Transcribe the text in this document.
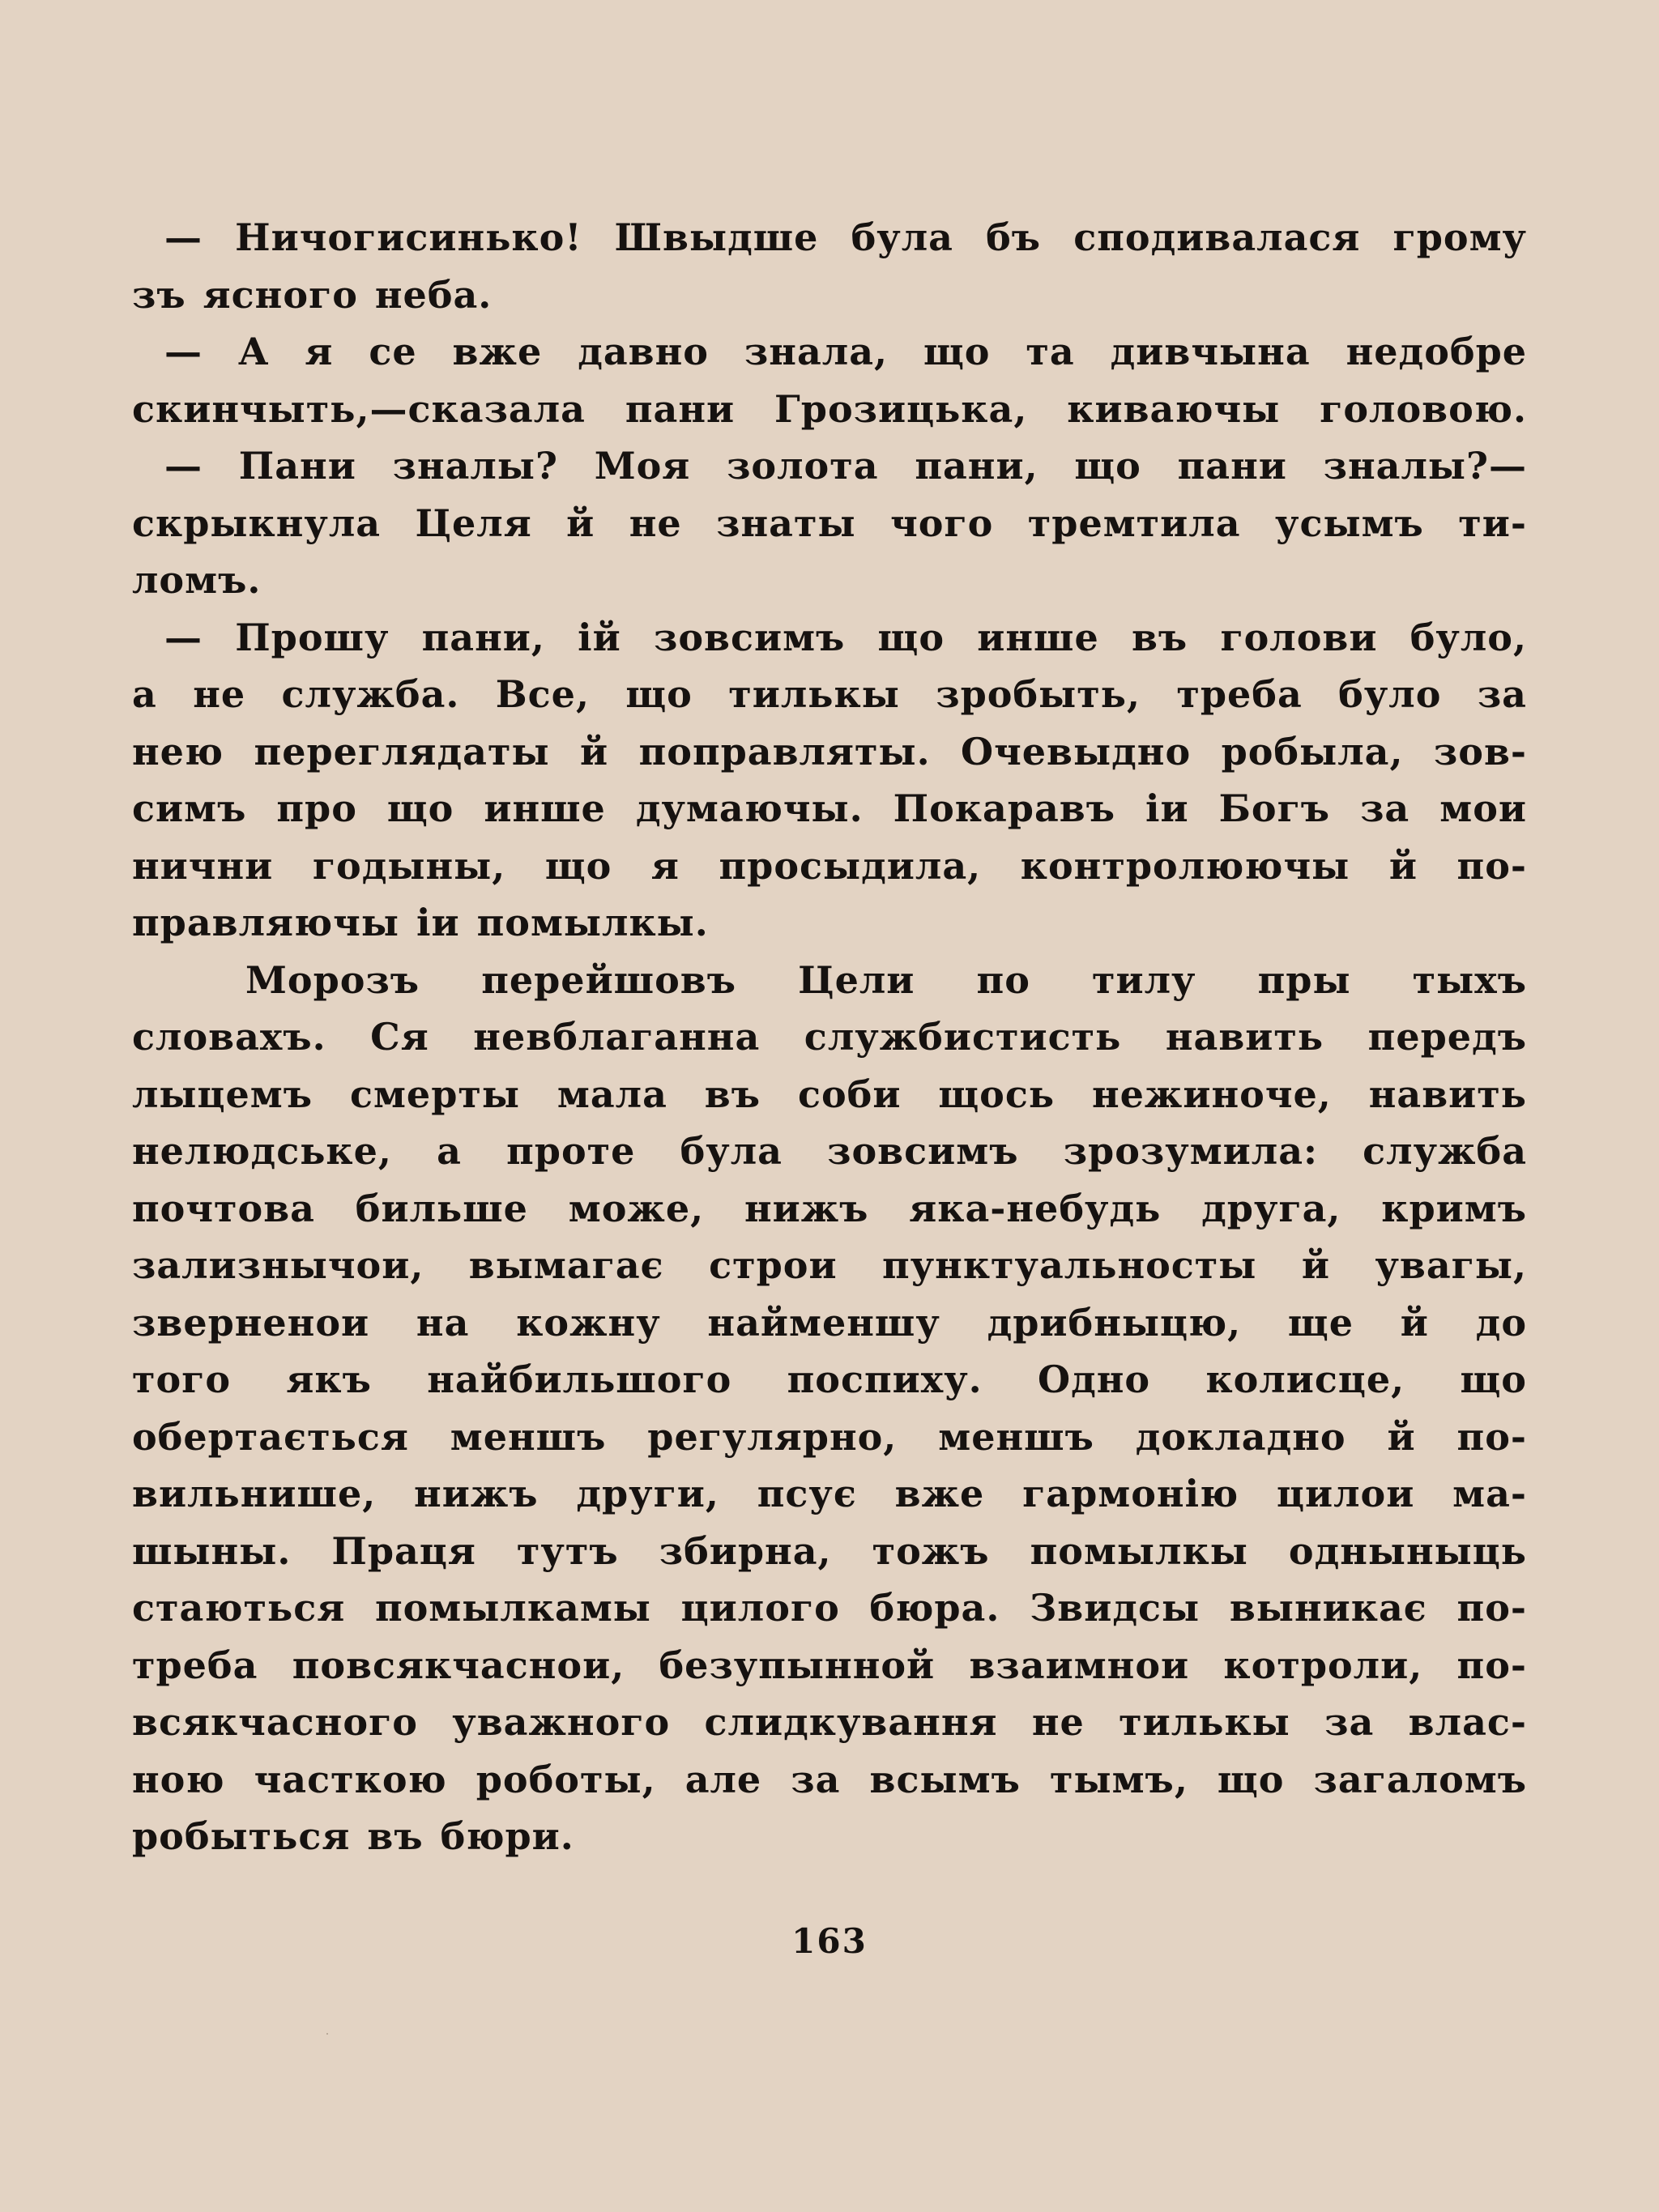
— Ничогисинько! Швыдше була бъ сподивалася грому
зъ ясного неба.
— А я се вже давно знала, що та дивчына недобре
скинчыть,—сказала пани Грозицька, киваючы головою.
— Пани зналы? Моя золота пани, що пани зналы?—
скрыкнула Целя й не знаты чого тремтила усымъ ти-
ломъ.
— Прошу пани, ій зовсимъ що инше въ голови було,
а не служба. Все, що тилькы зробыть, треба було за
нею переглядаты й поправляты. Очевыдно робыла, зов-
симъ про що инше думаючы. Покаравъ іи Богъ за мои
нични годыны, що я просыдила, контролюючы й по-
правляючы іи помылкы.
Морозъ перейшовъ Цели по тилу пры тыхъ
словахъ. Ся невблаганна службистисть навить передъ
лыцемъ смерты мала въ соби щось нежиноче, навить
нелюдське, а проте була зовсимъ зрозумила: служба
почтова бильше може, нижъ яка-небудь друга, кримъ
зализнычои, вымагає строи пунктуальносты й увагы,
зверненои на кожну найменшу дрибныцю, ще й до
того якъ найбильшого поспиху. Одно колисце, що
обертається меншъ регулярно, меншъ докладно й по-
вильнише, нижъ други, псує вже гармонію цилои ма-
шыны. Праця тутъ збирна, тожъ помылкы одныныць
стаються помылкамы цилого бюра. Звидсы выникає по-
треба повсякчаснои, безупынной взаимнои котроли, по-
всякчасного уважного слидкування не тилькы за влас-
ною часткою роботы, але за всымъ тымъ, що загаломъ
робыться въ бюри.
163
